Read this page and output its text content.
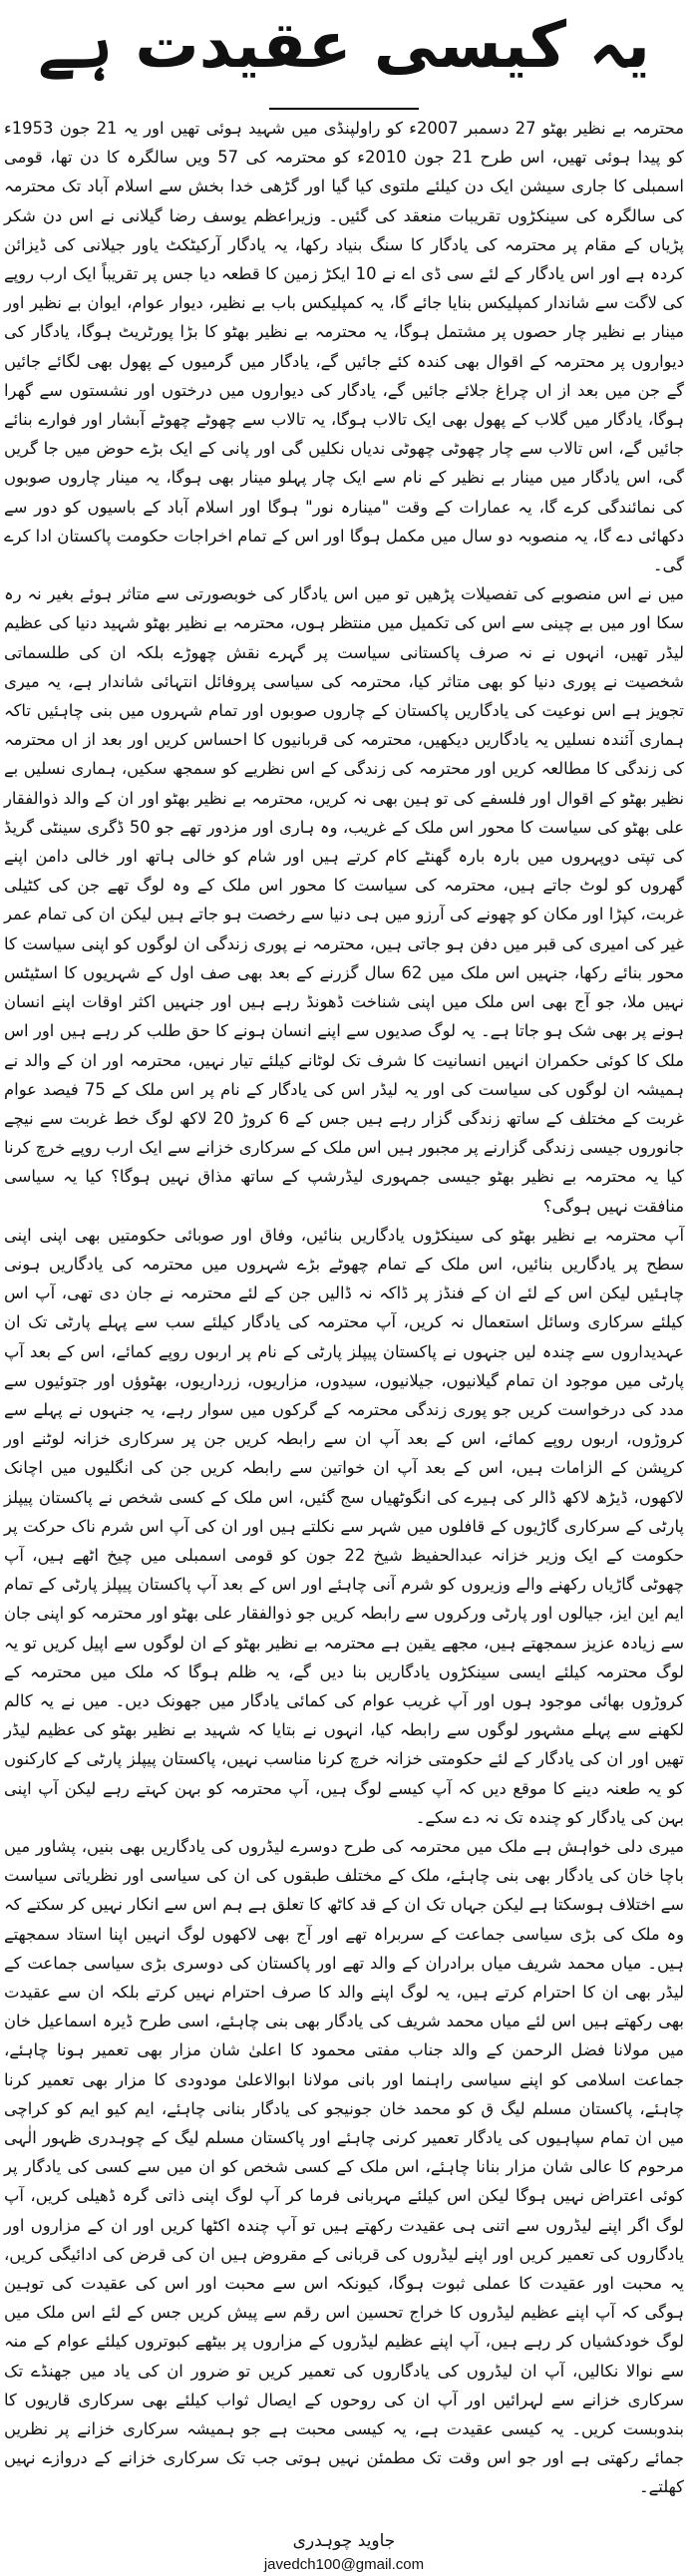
یہ کیسی عقیدت ہے

محترمہ بے نظیر بھٹو 27 دسمبر 2007ء کو راولپنڈی میں شہید ہوئی تھیں اور یہ 21 جون 1953ء کو پیدا ہوئی تھیں، اس طرح 21 جون 2010ء کو محترمہ کی 57 ویں سالگرہ کا دن تھا، قومی اسمبلی کا جاری سیشن ایک دن کیلئے ملتوی کیا گیا اور گڑھی خدا بخش سے اسلام آباد تک محترمہ کی سالگرہ کی سینکڑوں تقریبات منعقد کی گئیں۔ وزیراعظم یوسف رضا گیلانی نے اس دن شکر پڑیاں کے مقام پر محترمہ کی یادگار کا سنگ بنیاد رکھا، یہ یادگار آرکیٹکٹ یاور جیلانی کی ڈیزائن کردہ ہے اور اس یادگار کے لئے سی ڈی اے نے 10 ایکڑ زمین کا قطعہ دیا جس پر تقریباً ایک ارب روپے کی لاگت سے شاندار کمپلیکس بنایا جائے گا، یہ کمپلیکس باب بے نظیر، دیوار عوام، ایوان بے نظیر اور مینار بے نظیر چار حصوں پر مشتمل ہوگا، یہ محترمہ بے نظیر بھٹو کا بڑا پورٹریٹ ہوگا، یادگار کی دیواروں پر محترمہ کے اقوال بھی کندہ کئے جائیں گے، یادگار میں گرمیوں کے پھول بھی لگائے جائیں گے جن میں بعد از اں چراغ جلائے جائیں گے، یادگار کی دیواروں میں درختوں اور نشستوں سے گھرا ہوگا، یادگار میں گلاب کے پھول بھی ایک تالاب ہوگا، یہ تالاب سے چھوٹے چھوٹے آبشار اور فوارے بنائے جائیں گے، اس تالاب سے چار چھوٹی چھوٹی ندیاں نکلیں گی اور پانی کے ایک بڑے حوض میں جا گریں گی، اس یادگار میں مینار بے نظیر کے نام سے ایک چار پہلو مینار بھی ہوگا، یہ مینار چاروں صوبوں کی نمائندگی کرے گا، یہ عمارات کے وقت "مینارہ نور" ہوگا اور اسلام آباد کے باسیوں کو دور سے دکھائی دے گا، یہ منصوبہ دو سال میں مکمل ہوگا اور اس کے تمام اخراجات حکومت پاکستان ادا کرے گی۔

میں نے اس منصوبے کی تفصیلات پڑھیں تو میں اس یادگار کی خوبصورتی سے متاثر ہوئے بغیر نہ رہ سکا اور میں بے چینی سے اس کی تکمیل میں منتظر ہوں، محترمہ بے نظیر بھٹو شہید دنیا کی عظیم لیڈر تھیں، انہوں نے نہ صرف پاکستانی سیاست پر گہرے نقش چھوڑے بلکہ ان کی طلسماتی شخصیت نے پوری دنیا کو بھی متاثر کیا، محترمہ کی سیاسی پروفائل انتہائی شاندار ہے، یہ میری تجویز ہے اس نوعیت کی یادگاریں پاکستان کے چاروں صوبوں اور تمام شہروں میں بنی چاہئیں تاکہ ہماری آئندہ نسلیں یہ یادگاریں دیکھیں، محترمہ کی قربانیوں کا احساس کریں اور بعد از اں محترمہ کی زندگی کا مطالعہ کریں اور محترمہ کی زندگی کے اس نظریے کو سمجھ سکیں، ہماری نسلیں بے نظیر بھٹو کے اقوال اور فلسفے کی تو ہین بھی نہ کریں، محترمہ بے نظیر بھٹو اور ان کے والد ذوالفقار علی بھٹو کی سیاست کا محور اس ملک کے غریب، وہ ہاری اور مزدور تھے جو 50 ڈگری سینٹی گریڈ کی تپتی دوپہروں میں بارہ بارہ گھنٹے کام کرتے ہیں اور شام کو خالی ہاتھ اور خالی دامن اپنے گھروں کو لوٹ جاتے ہیں، محترمہ کی سیاست کا محور اس ملک کے وہ لوگ تھے جن کی کٹیلی غربت، کپڑا اور مکان کو چھونے کی آرزو میں ہی دنیا سے رخصت ہو جاتے ہیں لیکن ان کی تمام عمر غیر کی امیری کی قبر میں دفن ہو جاتی ہیں، محترمہ نے پوری زندگی ان لوگوں کو اپنی سیاست کا محور بنائے رکھا، جنہیں اس ملک میں 62 سال گزرنے کے بعد بھی صف اول کے شہریوں کا اسٹیٹس نہیں ملا، جو آج بھی اس ملک میں اپنی شناخت ڈھونڈ رہے ہیں اور جنہیں اکثر اوقات اپنے انسان ہونے پر بھی شک ہو جاتا ہے۔ یہ لوگ صدیوں سے اپنے انسان ہونے کا حق طلب کر رہے ہیں اور اس ملک کا کوئی حکمران انہیں انسانیت کا شرف تک لوٹانے کیلئے تیار نہیں، محترمہ اور ان کے والد نے ہمیشہ ان لوگوں کی سیاست کی اور یہ لیڈر اس کی یادگار کے نام پر اس ملک کے 75 فیصد عوام غربت کے مختلف کے ساتھ زندگی گزار رہے ہیں جس کے 6 کروڑ 20 لاکھ لوگ خط غربت سے نیچے جانوروں جیسی زندگی گزارنے پر مجبور ہیں اس ملک کے سرکاری خزانے سے ایک ارب روپے خرچ کرنا کیا یہ محترمہ بے نظیر بھٹو جیسی جمہوری لیڈرشپ کے ساتھ مذاق نہیں ہوگا؟ کیا یہ سیاسی منافقت نہیں ہوگی؟

آپ محترمہ بے نظیر بھٹو کی سینکڑوں یادگاریں بنائیں، وفاق اور صوبائی حکومتیں بھی اپنی اپنی سطح پر یادگاریں بنائیں، اس ملک کے تمام چھوٹے بڑے شہروں میں محترمہ کی یادگاریں ہونی چاہئیں لیکن اس کے لئے ان کے فنڈز پر ڈاکہ نہ ڈالیں جن کے لئے محترمہ نے جان دی تھی، آپ اس کیلئے سرکاری وسائل استعمال نہ کریں، آپ محترمہ کی یادگار کیلئے سب سے پہلے پارٹی تک ان عہدیداروں سے چندہ لیں جنہوں نے پاکستان پیپلز پارٹی کے نام پر اربوں روپے کمائے، اس کے بعد آپ پارٹی میں موجود ان تمام گیلانیوں، جیلانیوں، سیدوں، مزاریوں، زرداریوں، بھٹوؤں اور جتوئیوں سے مدد کی درخواست کریں جو پوری زندگی محترمہ کے گرکوں میں سوار رہے، یہ جنہوں نے پہلے سے کروڑوں، اربوں روپے کمائے، اس کے بعد آپ ان سے رابطہ کریں جن پر سرکاری خزانہ لوٹنے اور کرپشن کے الزامات ہیں، اس کے بعد آپ ان خواتین سے رابطہ کریں جن کی انگلیوں میں اچانک لاکھوں، ڈیڑھ لاکھ ڈالر کی ہیرے کی انگوٹھیاں سج گئیں، اس ملک کے کسی شخص نے پاکستان پیپلز پارٹی کے سرکاری گاڑیوں کے قافلوں میں شہر سے نکلتے ہیں اور ان کی آپ اس شرم ناک حرکت پر حکومت کے ایک وزیر خزانہ عبدالحفیظ شیخ 22 جون کو قومی اسمبلی میں چیخ اٹھے ہیں، آپ چھوٹی گاڑیاں رکھنے والے وزیروں کو شرم آنی چاہئے اور اس کے بعد آپ پاکستان پیپلز پارٹی کے تمام ایم این ایز، جیالوں اور پارٹی ورکروں سے رابطہ کریں جو ذوالفقار علی بھٹو اور محترمہ کو اپنی جان سے زیادہ عزیز سمجھتے ہیں، مجھے یقین ہے محترمہ بے نظیر بھٹو کے ان لوگوں سے اپیل کریں تو یہ لوگ محترمہ کیلئے ایسی سینکڑوں یادگاریں بنا دیں گے، یہ ظلم ہوگا کہ ملک میں محترمہ کے کروڑوں بھائی موجود ہوں اور آپ غریب عوام کی کمائی یادگار میں جھونک دیں۔ میں نے یہ کالم لکھنے سے پہلے مشہور لوگوں سے رابطہ کیا، انہوں نے بتایا کہ شہید بے نظیر بھٹو کی عظیم لیڈر تھیں اور ان کی یادگار کے لئے حکومتی خزانہ خرچ کرنا مناسب نہیں، پاکستان پیپلز پارٹی کے کارکنوں کو یہ طعنہ دینے کا موقع دیں کہ آپ کیسے لوگ ہیں، آپ محترمہ کو بہن کہتے رہے لیکن آپ اپنی بہن کی یادگار کو چندہ تک نہ دے سکے۔

میری دلی خواہش ہے ملک میں محترمہ کی طرح دوسرے لیڈروں کی یادگاریں بھی بنیں، پشاور میں باچا خان کی یادگار بھی بنی چاہئے، ملک کے مختلف طبقوں کی ان کی سیاسی اور نظریاتی سیاست سے اختلاف ہوسکتا ہے لیکن جہاں تک ان کے قد کاٹھ کا تعلق ہے ہم اس سے انکار نہیں کر سکتے کہ وہ ملک کی بڑی سیاسی جماعت کے سربراہ تھے اور آج بھی لاکھوں لوگ انہیں اپنا استاد سمجھتے ہیں۔ میاں محمد شریف میاں برادران کے والد تھے اور پاکستان کی دوسری بڑی سیاسی جماعت کے لیڈر بھی ان کا احترام کرتے ہیں، یہ لوگ اپنے والد کا صرف احترام نہیں کرتے بلکہ ان سے عقیدت بھی رکھتے ہیں اس لئے میاں محمد شریف کی یادگار بھی بنی چاہئے، اسی طرح ڈیرہ اسماعیل خان میں مولانا فضل الرحمن کے والد جناب مفتی محمود کا اعلیٰ شان مزار بھی تعمیر ہونا چاہئے، جماعت اسلامی کو اپنے سیاسی راہنما اور بانی مولانا ابوالاعلیٰ مودودی کا مزار بھی تعمیر کرنا چاہئے، پاکستان مسلم لیگ ق کو محمد خان جونیجو کی یادگار بنانی چاہئے، ایم کیو ایم کو کراچی میں ان تمام سپاہیوں کی یادگار تعمیر کرنی چاہئے اور پاکستان مسلم لیگ کے چوہدری ظہور الٰہی مرحوم کا عالی شان مزار بنانا چاہئے، اس ملک کے کسی شخص کو ان میں سے کسی کی یادگار پر کوئی اعتراض نہیں ہوگا لیکن اس کیلئے مہربانی فرما کر آپ لوگ اپنی ذاتی گرہ ڈھیلی کریں، آپ لوگ اگر اپنے لیڈروں سے اتنی ہی عقیدت رکھتے ہیں تو آپ چندہ اکٹھا کریں اور ان کے مزاروں اور یادگاروں کی تعمیر کریں اور اپنے لیڈروں کی قربانی کے مقروض ہیں ان کی قرض کی ادائیگی کریں، یہ محبت اور عقیدت کا عملی ثبوت ہوگا، کیونکہ اس سے محبت اور اس کی عقیدت کی توہین ہوگی کہ آپ اپنے عظیم لیڈروں کا خراج تحسین اس رقم سے پیش کریں جس کے لئے اس ملک میں لوگ خودکشیاں کر رہے ہیں، آپ اپنے عظیم لیڈروں کے مزاروں پر بیٹھے کبوتروں کیلئے عوام کے منہ سے نوالا نکالیں، آپ ان لیڈروں کی یادگاروں کی تعمیر کریں تو ضرور ان کی یاد میں جھنڈے تک سرکاری خزانے سے لہرائیں اور آپ ان کی روحوں کے ایصال ثواب کیلئے بھی سرکاری قاریوں کا بندوبست کریں۔ یہ کیسی عقیدت ہے، یہ کیسی محبت ہے جو ہمیشہ سرکاری خزانے پر نظریں جمائے رکھتی ہے اور جو اس وقت تک مطمئن نہیں ہوتی جب تک سرکاری خزانے کے دروازے نہیں کھلتے۔

جاوید چوہدری
javedch100@gmail.com
